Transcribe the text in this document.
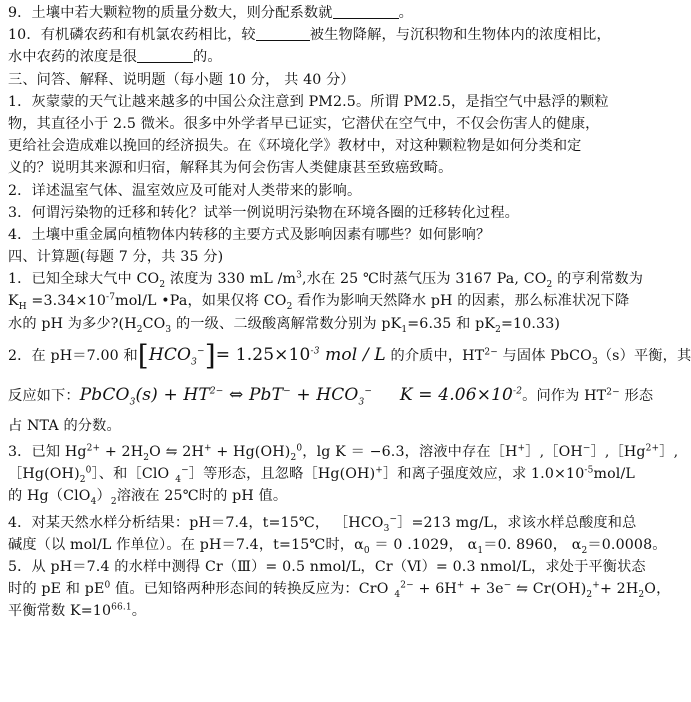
9．土壤中若大颗粒物的质量分数大，则分配系数就	。
10．有机磷农药和有机氯农药相比，较	被生物降解，与沉积物和生物体内的浓度相比，
水中农药的浓度是很	的。
三、问答、解释、说明题（每小题 10 分， 共 40 分）
1．灰蒙蒙的天气让越来越多的中国公众注意到 PM2.5。所谓 PM2.5，是指空气中悬浮的颗粒
物，其直径小于 2.5 微米。很多中外学者早已证实，它潜伏在空气中，不仅会伤害人的健康，
更给社会造成难以挽回的经济损失。在《环境化学》教材中，对这种颗粒物是如何分类和定
义的？说明其来源和归宿，解释其为何会伤害人类健康甚至致癌致畸。
2．详述温室气体、温室效应及可能对人类带来的影响。
3．何谓污染物的迁移和转化？试举一例说明污染物在环境各圈的迁移转化过程。
4．土壤中重金属向植物体内转移的主要方式及影响因素有哪些？如何影响？
四、计算题(每题 7 分，共 35 分)
1．已知全球大气中 $CO_2$ 浓度为 330 mL $/m^3$,水在 25 ℃时蒸气压为 3167 Pa, $CO_2$ 的亨利常数为
$K_H =3.34\times 10^{-7}mol/L$ •Pa，如果仅将 $CO_2$ 看作为影响天然降水 pH 的因素，那么标准状况下降
水的 pH 为多少$?(H_2CO_3$ 的一级、二级酸离解常数分别为 $pK_1=6.35$ 和 $pK_2=10.33$)
2．在 pH＝7.00 和$[HCO_3^-]= 1.25\times 10^{-3}$ mol / L 的介质中，$HT^{2-}$ 与固体 PbCO$_3$（s）平衡，其
反应如下：PbCO$_3$(s) + $HT^{2-}$ ⇔ $PbT^- + HCO_3^-$ $K = 4.06\times 10^{-2}$。问作为 $HT^{2-}$ 形态
占 NTA 的分数。
3．已知 $Hg^{2+} + 2H_2O$ ⇋ $2H^+ + Hg(OH)_2^0$，lg K ＝ −6.3，溶液中存在$[H^+],[OH^-],[Hg^{2+}]$,
$[Hg(OH)_2^0]$、和［ClO $_4$−］等形态，且忽略［Hg(OH)+］和离子强度效应，求 $1.0\times 10^{-5}mol/L$
的 $Hg(ClO_4)_2$溶液在 25℃时的 pH 值。
4．对某天然水样分析结果：pH＝7.4，t=15℃， $[HCO_3^-]=213$ mg/L，求该水样总酸度和总
碱度（以 mol/L 作单位）。在 pH＝7.4，t=15℃时，$\alpha_0 = 0$ .1029， $\alpha_1=0$. 8960， $\alpha_2=0.0008$。
5．从 pH＝7.4 的水样中测得 Cr（Ⅲ）= 0.5 nmol/L，Cr（Ⅵ）= 0.3 nmol/L，求处于平衡状态
时的 pE 和 $pE^0$ 值。已知铬两种形态间的转换反应为：CrO $_4^{2-}$ + 6H+ + 3e− ⇋ $Cr(OH)_2^++ 2H_2O$，
平衡常数 $K=10^{66.1}$。
